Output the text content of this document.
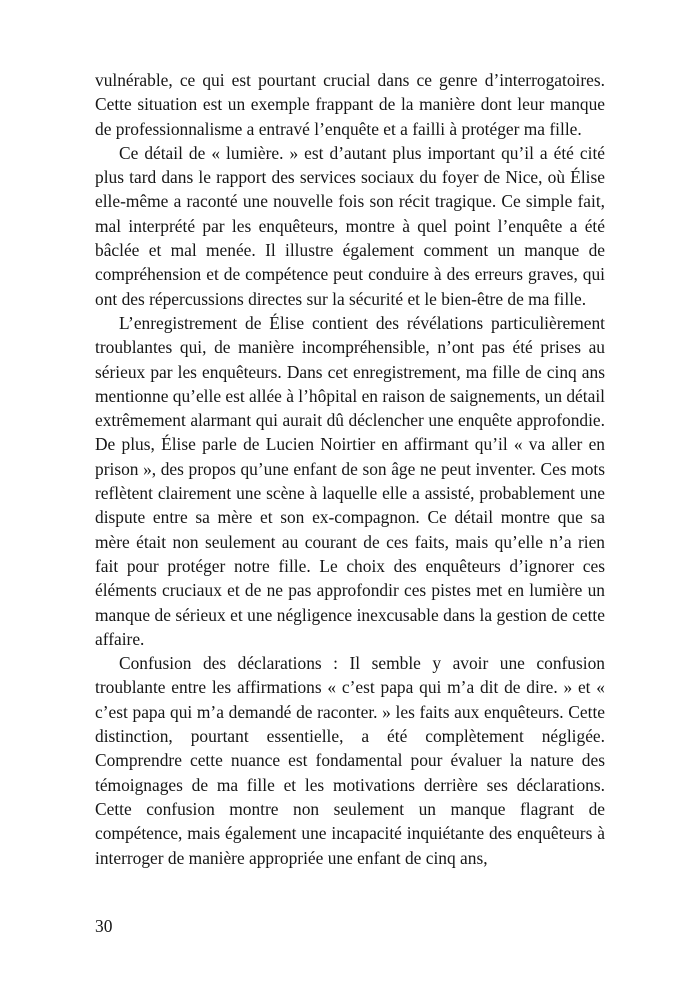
vulnérable, ce qui est pourtant crucial dans ce genre d’interrogatoires. Cette situation est un exemple frappant de la manière dont leur manque de professionnalisme a entravé l’enquête et a failli à protéger ma fille.

Ce détail de « lumière. » est d’autant plus important qu’il a été cité plus tard dans le rapport des services sociaux du foyer de Nice, où Élise elle-même a raconté une nouvelle fois son récit tragique. Ce simple fait, mal interprété par les enquêteurs, montre à quel point l’enquête a été bâclée et mal menée. Il illustre également comment un manque de compréhension et de compétence peut conduire à des erreurs graves, qui ont des répercussions directes sur la sécurité et le bien-être de ma fille.

L’enregistrement de Élise contient des révélations particulièrement troublantes qui, de manière incompréhensible, n’ont pas été prises au sérieux par les enquêteurs. Dans cet enregistrement, ma fille de cinq ans mentionne qu’elle est allée à l’hôpital en raison de saignements, un détail extrêmement alarmant qui aurait dû déclencher une enquête approfondie. De plus, Élise parle de Lucien Noirtier en affirmant qu’il « va aller en prison », des propos qu’une enfant de son âge ne peut inventer. Ces mots reflètent clairement une scène à laquelle elle a assisté, probablement une dispute entre sa mère et son ex-compagnon. Ce détail montre que sa mère était non seulement au courant de ces faits, mais qu’elle n’a rien fait pour protéger notre fille. Le choix des enquêteurs d’ignorer ces éléments cruciaux et de ne pas approfondir ces pistes met en lumière un manque de sérieux et une négligence inexcusable dans la gestion de cette affaire.

Confusion des déclarations : Il semble y avoir une confusion troublante entre les affirmations « c’est papa qui m’a dit de dire. » et « c’est papa qui m’a demandé de raconter. » les faits aux enquêteurs. Cette distinction, pourtant essentielle, a été complètement négligée. Comprendre cette nuance est fondamental pour évaluer la nature des témoignages de ma fille et les motivations derrière ses déclarations. Cette confusion montre non seulement un manque flagrant de compétence, mais également une incapacité inquiétante des enquêteurs à interroger de manière appropriée une enfant de cinq ans,

30
